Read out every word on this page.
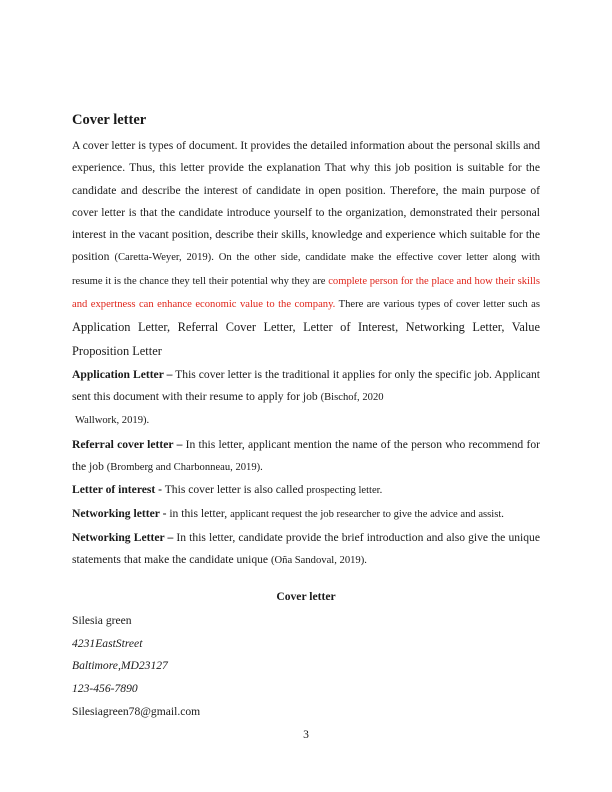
Cover letter

A cover letter is types of document. It provides the detailed information about the personal skills and experience. Thus, this letter provide the explanation That why this job position is suitable for the candidate and describe the interest of candidate in open position. Therefore, the main purpose of cover letter is that the candidate introduce yourself to the organization, demonstrated their personal interest in the vacant position, describe their skills, knowledge and experience which suitable for the position (Caretta-Weyer, 2019). On the other side, candidate make the effective cover letter along with resume it is the chance they tell their potential why they are complete person for the place and how their skills and expertness can enhance economic value to the company. There are various types of cover letter such as Application Letter, Referral Cover Letter, Letter of Interest, Networking Letter, Value Proposition Letter

Application Letter – This cover letter is the traditional it applies for only the specific job. Applicant sent this document with their resume to apply for job (Bischof, 2020
Wallwork, 2019).

Referral cover letter – In this letter, applicant mention the name of the person who recommend for the job (Bromberg and Charbonneau, 2019).

Letter of interest - This cover letter is also called prospecting letter.

Networking letter - in this letter, applicant request the job researcher to give the advice and assist.

Networking Letter – In this letter, candidate provide the brief introduction and also give the unique statements that make the candidate unique (Oña Sandoval, 2019).

Cover letter
Silesia green
4231EastStreet
Baltimore,MD23127
123-456-7890
Silesiagreen78@gmail.com
3
